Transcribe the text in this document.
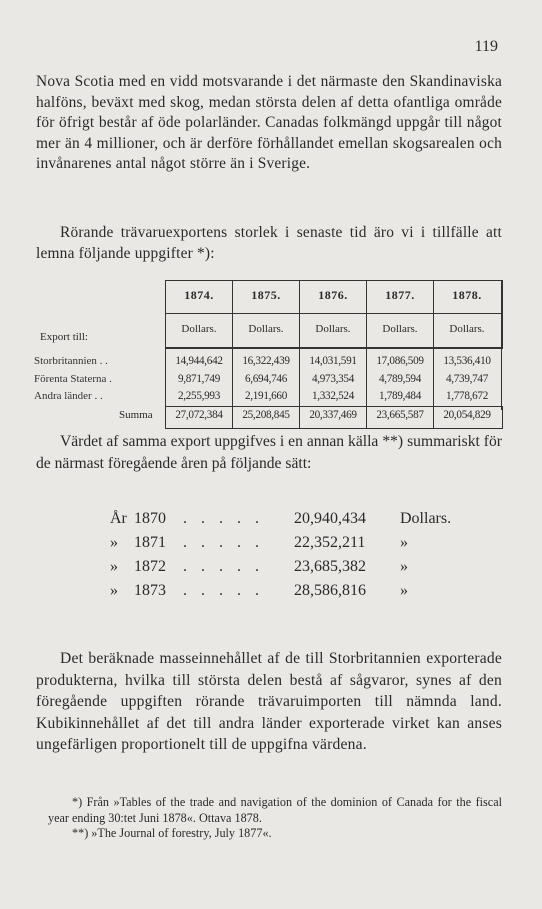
119
Nova Scotia med en vidd motsvarande i det närmaste den Skandinaviska halföns, beväxt med skog, medan största delen af detta ofantliga område för öfrigt består af öde polarländer. Canadas folkmängd uppgår till något mer än 4 millioner, och är derföre förhållandet emellan skogsarealen och invånarenes antal något större än i Sverige.
Rörande trävaruexportens storlek i senaste tid äro vi i tillfälle att lemna följande uppgifter *):
1874.	1875.	1876.	1877.	1878.
Dollars.	Dollars.	Dollars.	Dollars.	Dollars.
Export till:
Storbritannien . .	14,944,642	16,322,439	14,031,591	17,086,509	13,536,410
Förenta Staterna .	9,871,749	6,694,746	4,973,354	4,789,594	4,739,747
Andra länder . .	2,255,993	2,191,660	1,332,524	1,789,484	1,778,672
Summa	27,072,384	25,208,845	20,337,469	23,665,587	20,054,829
Värdet af samma export uppgifves i en annan källa **) summariskt för de närmast föregående åren på följande sätt:
År 1870 . . . . . 20,940,434 Dollars.
»	1871 . . . . . 22,352,211 »
»	1872 . . . . . 23,685,382 »
»	1873 . . . . . 28,586,816 »
Det beräknade masseinnehållet af de till Storbritannien exporterade produkterna, hvilka till största delen bestå af sågvaror, synes af den föregående uppgiften rörande trävaruimporten till nämnda land. Kubikinnehållet af det till andra länder exporterade virket kan anses ungefärligen proportionelt till de uppgifna värdena.
*) Från »Tables of the trade and navigation of the dominion of Canada for the fiscal year ending 30:tet Juni 1878«. Ottava 1878.
**) »The Journal of forestry, July 1877«.
